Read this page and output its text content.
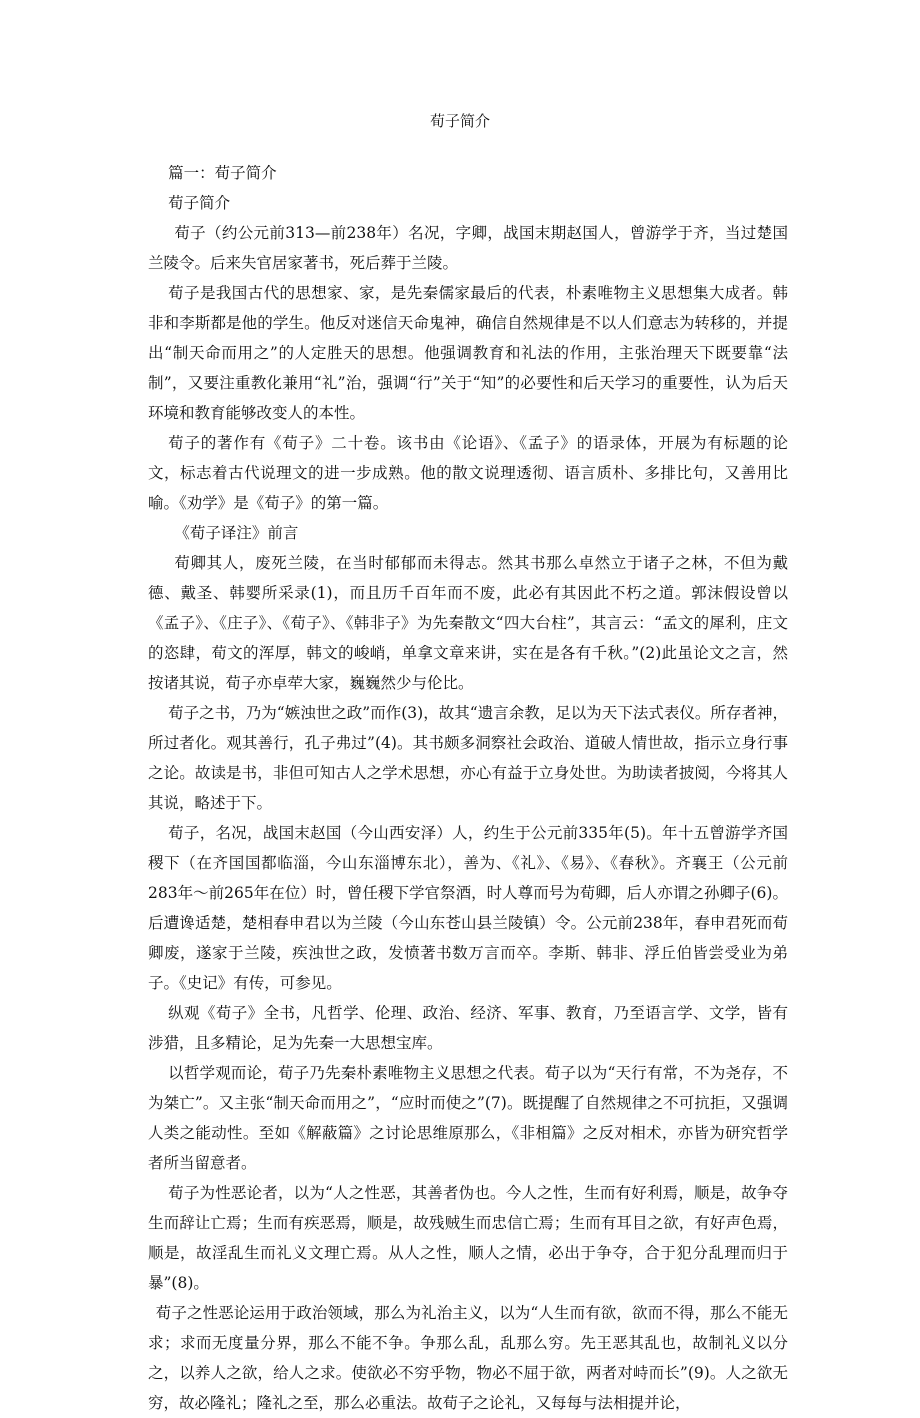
荀子简介

篇一：荀子简介

荀子简介

荀子（约公元前313—前238年）名况，字卿，战国末期赵国人，曾游学于齐，当过楚国兰陵令。后来失官居家著书，死后葬于兰陵。

荀子是我国古代的思想家、家，是先秦儒家最后的代表，朴素唯物主义思想集大成者。韩非和李斯都是他的学生。他反对迷信天命鬼神，确信自然规律是不以人们意志为转移的，并提出“制天命而用之”的人定胜天的思想。他强调教育和礼法的作用，主张治理天下既要靠“法制”，又要注重教化兼用“礼”治，强调“行”关于“知”的必要性和后天学习的重要性，认为后天环境和教育能够改变人的本性。

荀子的著作有《荀子》二十卷。该书由《论语》、《孟子》的语录体，开展为有标题的论文，标志着古代说理文的进一步成熟。他的散文说理透彻、语言质朴、多排比句，又善用比喻。《劝学》是《荀子》的第一篇。

《荀子译注》前言

荀卿其人，废死兰陵，在当时郁郁而未得志。然其书那么卓然立于诸子之林，不但为戴德、戴圣、韩婴所采录(1)，而且历千百年而不废，此必有其因此不朽之道。郭沫假设曾以《孟子》、《庄子》、《荀子》、《韩非子》为先秦散文“四大台柱”，其言云：“孟文的犀利，庄文的恣肆，荀文的浑厚，韩文的峻峭，单拿文章来讲，实在是各有千秋。”(2)此虽论文之言，然按诸其说，荀子亦卓荦大家，巍巍然少与伦比。

荀子之书，乃为“嫉浊世之政”而作(3)，故其“遗言余教，足以为天下法式表仪。所存者神，所过者化。观其善行，孔子弗过”(4)。其书颇多洞察社会政治、道破人情世故，指示立身行事之论。故读是书，非但可知古人之学术思想，亦心有益于立身处世。为助读者披阅，今将其人其说，略述于下。

荀子，名况，战国末赵国（今山西安泽）人，约生于公元前335年(5)。年十五曾游学齐国稷下（在齐国国都临淄，今山东淄博东北），善为、《礼》、《易》、《春秋》。齐襄王（公元前283年～前265年在位）时，曾任稷下学官祭酒，时人尊而号为荀卿，后人亦谓之孙卿子(6)。后遭谗适楚，楚相春申君以为兰陵（今山东苍山县兰陵镇）令。公元前238年，春申君死而荀卿废，遂家于兰陵，疾浊世之政，发愤著书数万言而卒。李斯、韩非、浮丘伯皆尝受业为弟子。《史记》有传，可参见。

纵观《荀子》全书，凡哲学、伦理、政治、经济、军事、教育，乃至语言学、文学，皆有涉猎，且多精论，足为先秦一大思想宝库。

以哲学观而论，荀子乃先秦朴素唯物主义思想之代表。荀子以为“天行有常，不为尧存，不为桀亡”。又主张“制天命而用之”，“应时而使之”(7)。既提醒了自然规律之不可抗拒，又强调人类之能动性。至如《解蔽篇》之讨论思维原那么，《非相篇》之反对相术，亦皆为研究哲学者所当留意者。

荀子为性恶论者，以为“人之性恶，其善者伪也。今人之性，生而有好利焉，顺是，故争夺生而辞让亡焉；生而有疾恶焉，顺是，故残贼生而忠信亡焉；生而有耳目之欲，有好声色焉，顺是，故淫乱生而礼义文理亡焉。从人之性，顺人之情，必出于争夺，合于犯分乱理而归于暴”(8)。

荀子之性恶论运用于政治领域，那么为礼治主义，以为“人生而有欲，欲而不得，那么不能无求；求而无度量分界，那么不能不争。争那么乱，乱那么穷。先王恶其乱也，故制礼义以分之，以养人之欲，给人之求。使欲必不穷乎物，物必不屈于欲，两者对峙而长”(9)。人之欲无穷，故必隆礼；隆礼之至，那么必重法。故荀子之论礼，又每每与法相提并论，
